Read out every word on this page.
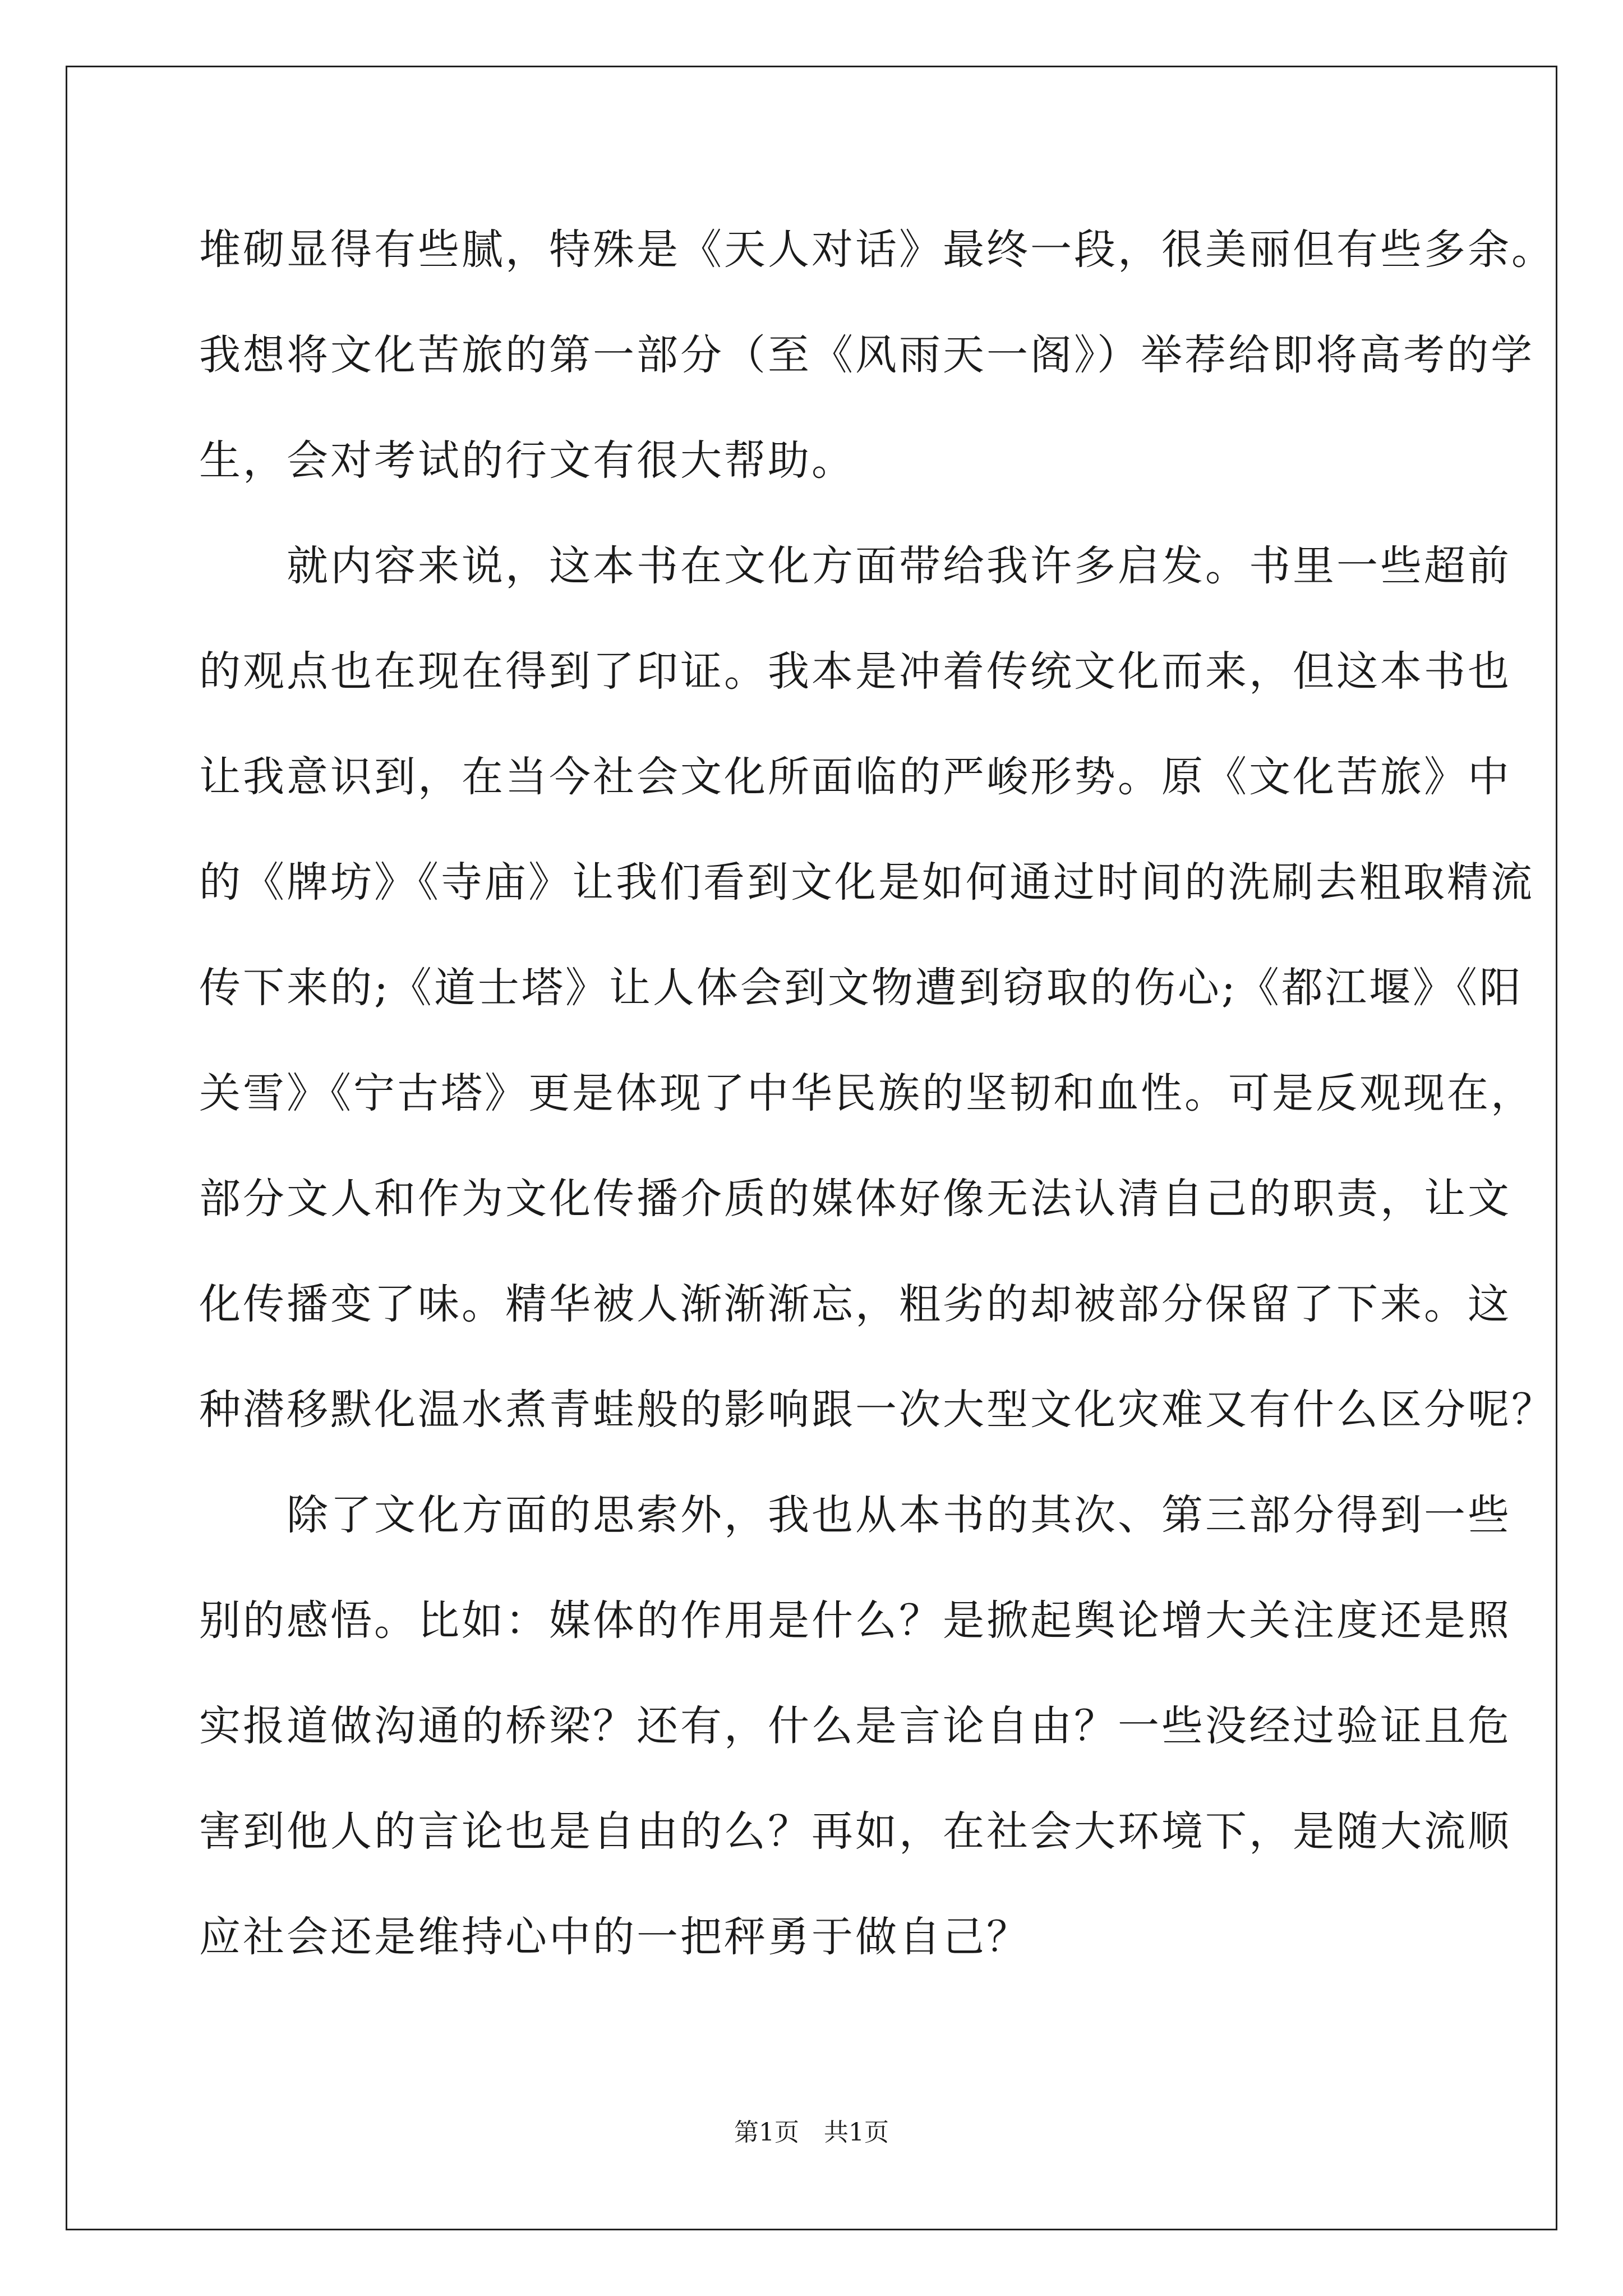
堆砌显得有些腻，特殊是《天人对话》最终一段，很美丽但有些多余。
我想将文化苦旅的第一部分（至《风雨天一阁》）举荐给即将高考的学
生，会对考试的行文有很大帮助。
　　就内容来说，这本书在文化方面带给我许多启发。书里一些超前
的观点也在现在得到了印证。我本是冲着传统文化而来，但这本书也
让我意识到，在当今社会文化所面临的严峻形势。原《文化苦旅》中
的《牌坊》《寺庙》让我们看到文化是如何通过时间的洗刷去粗取精流
传下来的;《道士塔》让人体会到文物遭到窃取的伤心;《都江堰》《阳
关雪》《宁古塔》更是体现了中华民族的坚韧和血性。可是反观现在，
部分文人和作为文化传播介质的媒体好像无法认清自己的职责，让文
化传播变了味。精华被人渐渐渐忘，粗劣的却被部分保留了下来。这
种潜移默化温水煮青蛙般的影响跟一次大型文化灾难又有什么区分呢？
　　除了文化方面的思索外，我也从本书的其次、第三部分得到一些
别的感悟。比如：媒体的作用是什么？是掀起舆论增大关注度还是照
实报道做沟通的桥梁？还有，什么是言论自由？一些没经过验证且危
害到他人的言论也是自由的么？再如，在社会大环境下，是随大流顺
应社会还是维持心中的一把秤勇于做自己？
第1页　共1页
